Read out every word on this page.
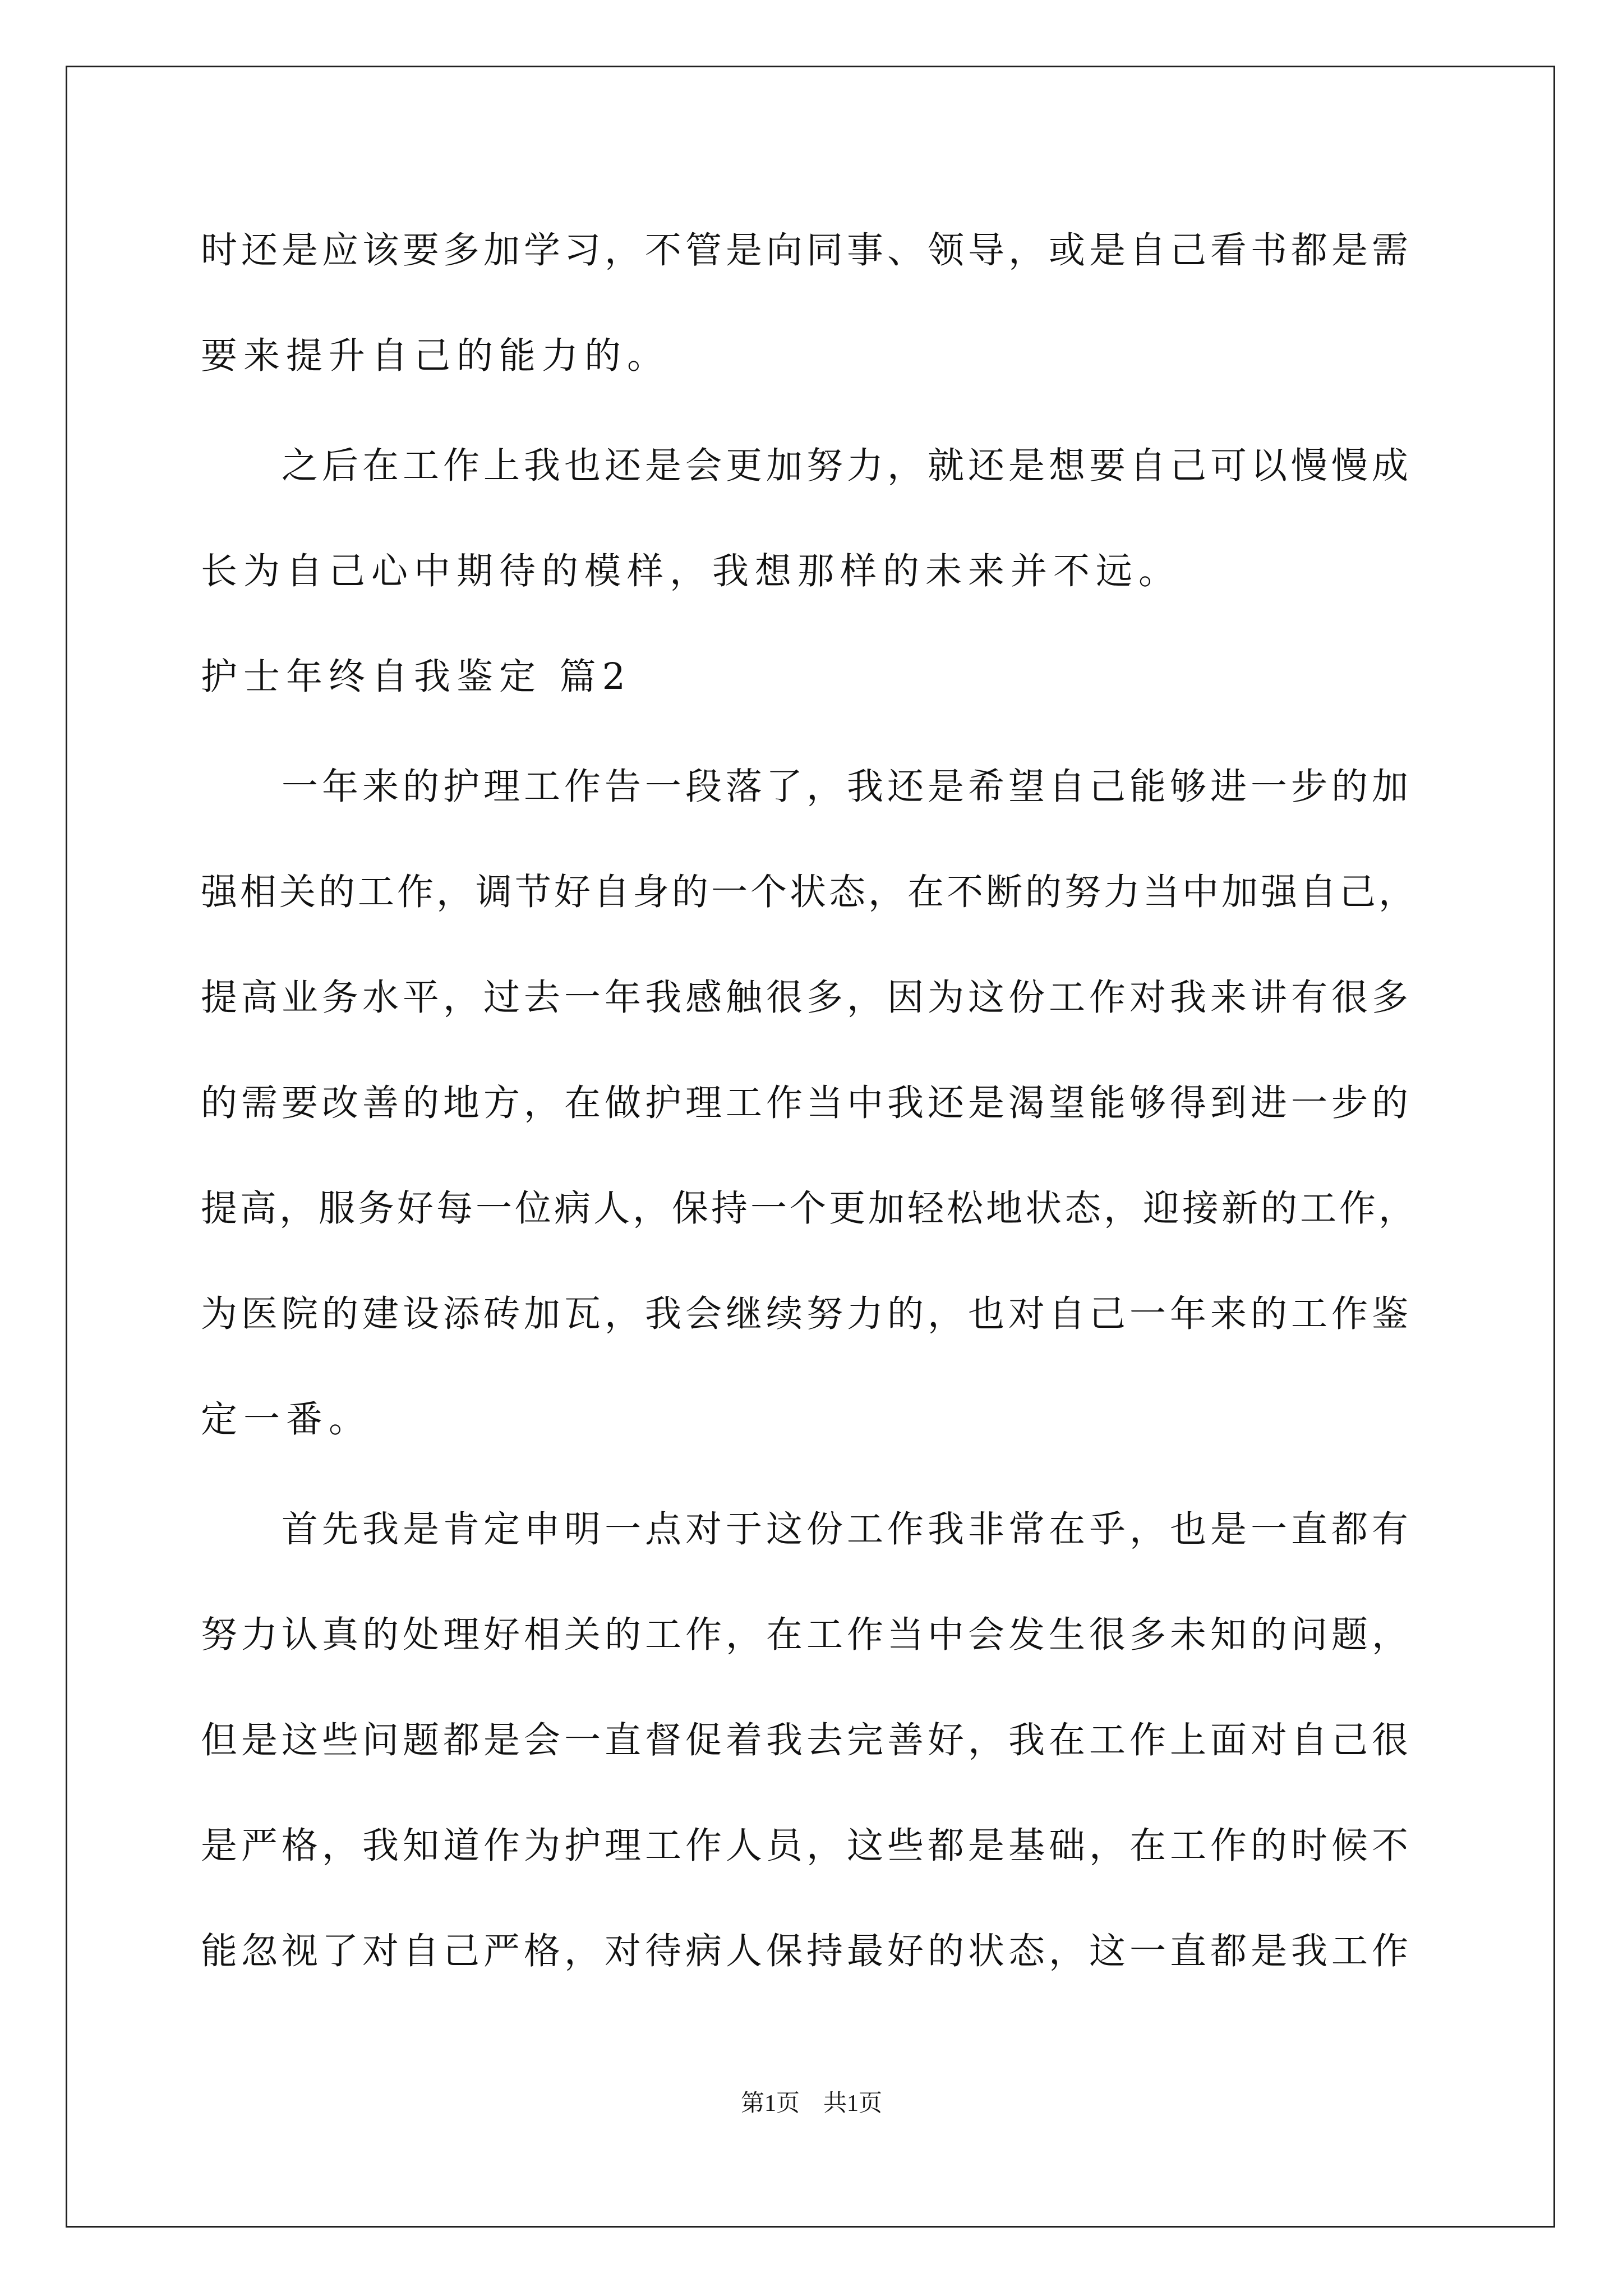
时还是应该要多加学习，不管是向同事、领导，或是自己看书都是需
要来提升自己的能力的。
　　之后在工作上我也还是会更加努力，就还是想要自己可以慢慢成
长为自己心中期待的模样，我想那样的未来并不远。
护士年终自我鉴定 篇2
　　一年来的护理工作告一段落了，我还是希望自己能够进一步的加
强相关的工作，调节好自身的一个状态，在不断的努力当中加强自己，
提高业务水平，过去一年我感触很多，因为这份工作对我来讲有很多
的需要改善的地方，在做护理工作当中我还是渴望能够得到进一步的
提高，服务好每一位病人，保持一个更加轻松地状态，迎接新的工作，
为医院的建设添砖加瓦，我会继续努力的，也对自己一年来的工作鉴
定一番。
　　首先我是肯定申明一点对于这份工作我非常在乎，也是一直都有
努力认真的处理好相关的工作，在工作当中会发生很多未知的问题，
但是这些问题都是会一直督促着我去完善好，我在工作上面对自己很
是严格，我知道作为护理工作人员，这些都是基础，在工作的时候不
能忽视了对自己严格，对待病人保持最好的状态，这一直都是我工作
第1页　共1页
